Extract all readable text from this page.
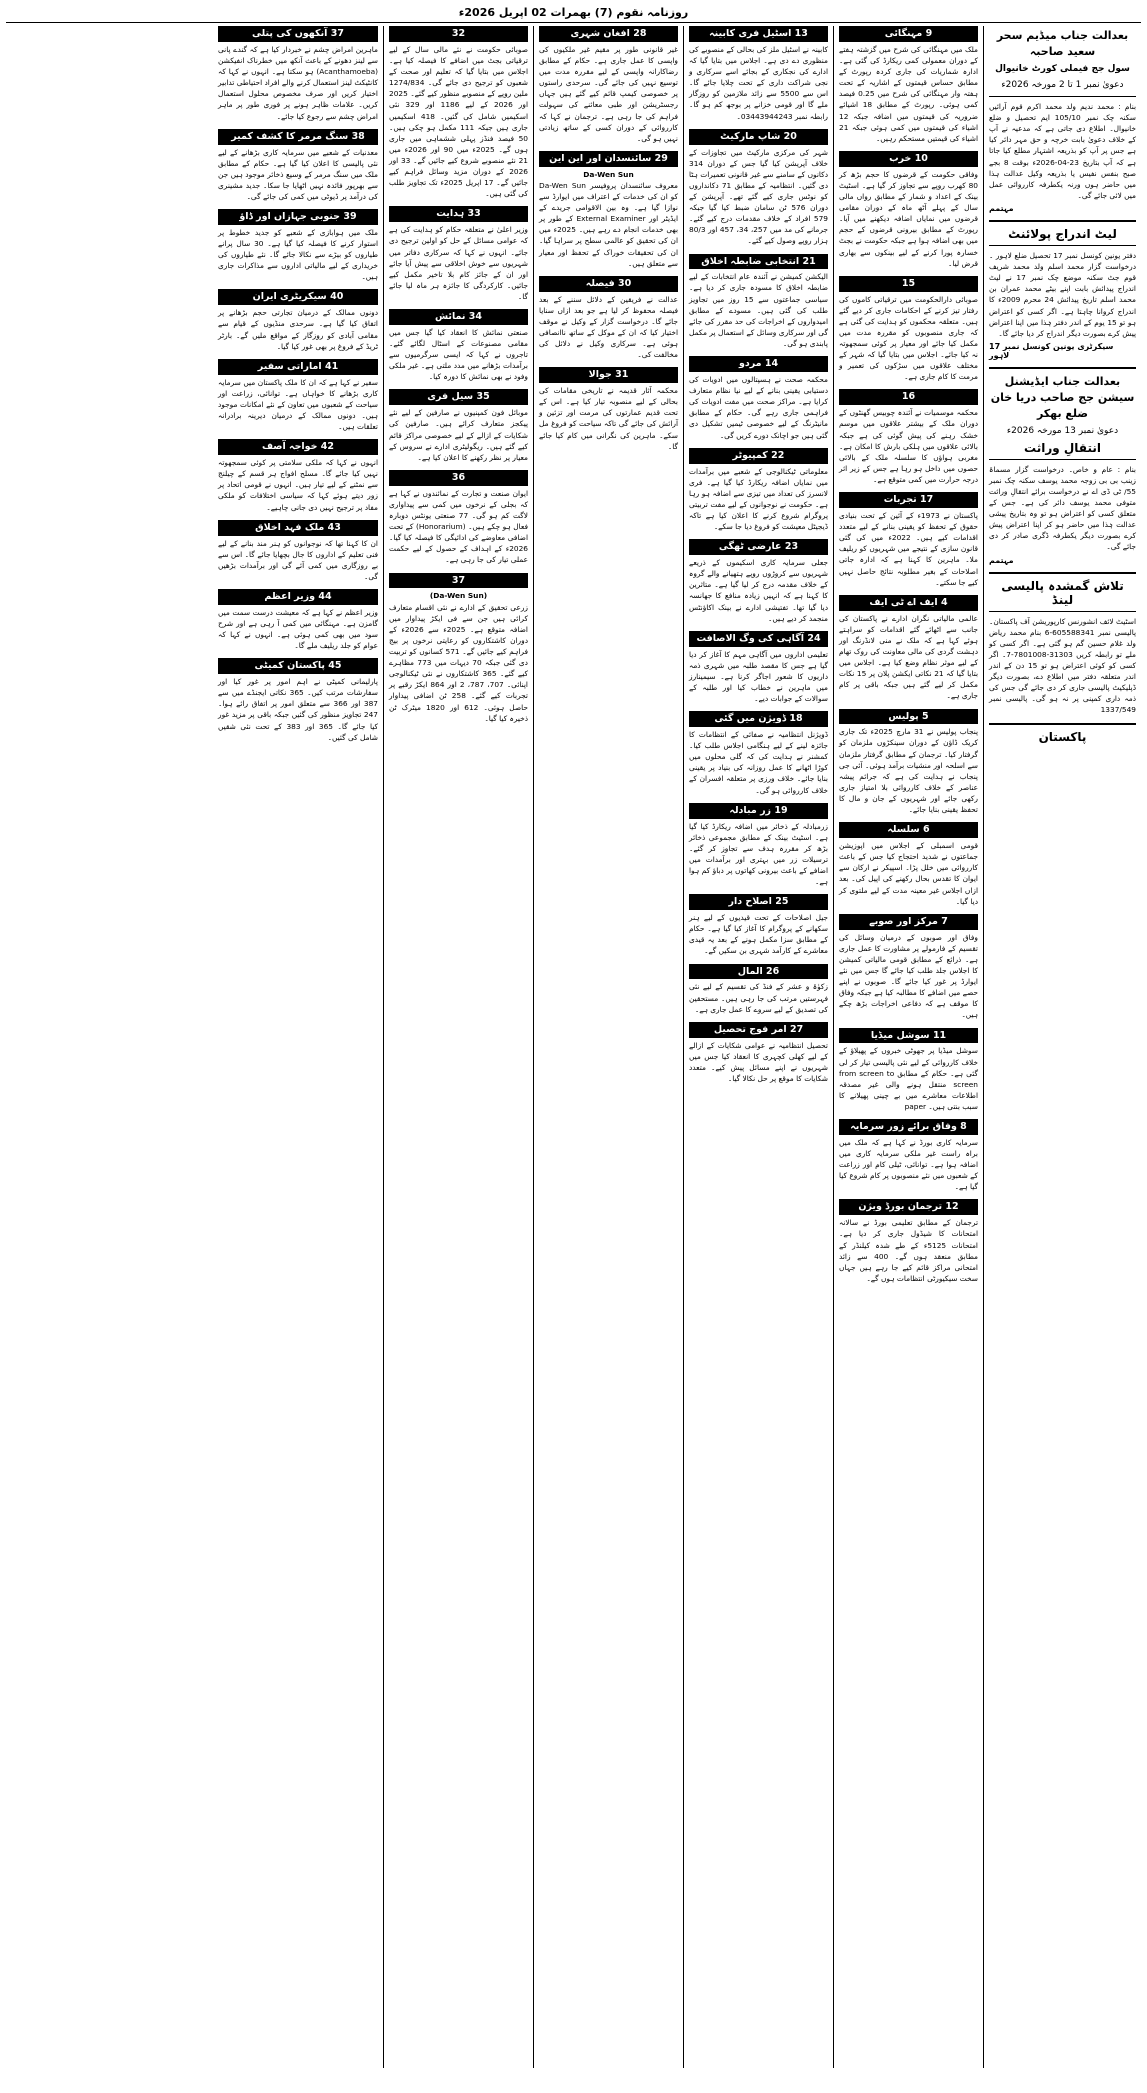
روزنامہ نقوم (7) بھمرات 02 اپریل 2026ء
بعدالت جناب میڈیم سحر سعید صاحبہ
سول جج فیملی کورٹ خانیوال
دعویٰ نمبر 1 تا 2 مورخہ 2026ء
بنام : محمد ندیم ولد محمد اکرم قوم آرائیں سکنہ چک نمبر 105/10 ایم تحصیل و ضلع خانیوال۔ اطلاع دی جاتی ہے کہ مدعیہ نے آپ کے خلاف دعویٰ بابت خرچہ و حق مہر دائر کیا ہے جس پر آپ کو بذریعہ اشتہار مطلع کیا جاتا ہے کہ آپ بتاریخ 23-04-2026ء بوقت 8 بجے صبح بنفس نفیس یا بذریعہ وکیل عدالت ہذا میں حاضر ہوں ورنہ یکطرفہ کارروائی عمل میں لائی جائے گی۔
مہتمم
لیٹ اندراج پولائنٹ
دفتر یونین کونسل نمبر 17 تحصیل ضلع لاہور ۔ درخواست گزار محمد اسلم ولد محمد شریف قوم جٹ سکنہ موضع چک نمبر 17 نے لیٹ اندراج پیدائش بابت اپنے بیٹے محمد عمران بن محمد اسلم تاریخ پیدائش 24 محرم 2009ء کا اندراج کروانا چاہتا ہے۔ اگر کسی کو اعتراض ہو تو 15 یوم کے اندر دفتر ہٰذا میں اپنا اعتراض پیش کرے بصورت دیگر اندراج کر دیا جائے گا۔
سیکرٹری یونین کونسل نمبر 17 لاہور
بعدالت جناب ایڈیشنل سیشن جج صاحب دریا خان ضلع بھکر
دعویٰ نمبر 13 مورخہ 2026ء
انتقالِ وراثت
بنام : عام و خاص۔ درخواست گزار مسماۃ زینب بی بی زوجہ محمد یوسف سکنہ چک نمبر 55/ ٹی ڈی اے نے درخواست برائے انتقالِ وراثت متوفی محمد یوسف دائر کی ہے۔ جس کے متعلق کسی کو اعتراض ہو تو وہ بتاریخ پیشی عدالت ہٰذا میں حاضر ہو کر اپنا اعتراض پیش کرے بصورت دیگر یکطرفہ ڈگری صادر کر دی جائے گی۔
مہتمم
تلاش گمشدہ پالیسی لینڈ
اسٹیٹ لائف انشورنس کارپوریشن آف پاکستان۔ پالیسی نمبر 605588341-6 بنام محمد ریاض ولد غلام حسین گم ہو گئی ہے۔ اگر کسی کو ملے تو رابطہ کریں 31303-7801008-7۔ اگر کسی کو کوئی اعتراض ہو تو 15 دن کے اندر اندر متعلقہ دفتر میں اطلاع دے، بصورت دیگر ڈپلیکیٹ پالیسی جاری کر دی جائے گی جس کی ذمہ داری کمپنی پر نہ ہو گی۔ پالیسی نمبر 1337/549
پاکستان
9 مہنگائی
ملک میں مہنگائی کی شرح میں گزشتہ ہفتے کے دوران معمولی کمی ریکارڈ کی گئی ہے۔ ادارہ شماریات کی جاری کردہ رپورٹ کے مطابق حساس قیمتوں کے اشاریہ کے تحت ہفتہ وار مہنگائی کی شرح میں 0.25 فیصد کمی ہوئی۔ رپورٹ کے مطابق 18 اشیائے ضروریہ کی قیمتوں میں اضافہ جبکہ 12 اشیاء کی قیمتوں میں کمی ہوئی جبکہ 21 اشیاء کی قیمتیں مستحکم رہیں۔
10 خرب
وفاقی حکومت کے قرضوں کا حجم بڑھ کر 80 کھرب روپے سے تجاوز کر گیا ہے۔ اسٹیٹ بینک کے اعداد و شمار کے مطابق رواں مالی سال کے پہلے آٹھ ماہ کے دوران مقامی قرضوں میں نمایاں اضافہ دیکھنے میں آیا۔ رپورٹ کے مطابق بیرونی قرضوں کے حجم میں بھی اضافہ ہوا ہے جبکہ حکومت نے بجٹ خسارہ پورا کرنے کے لیے بینکوں سے بھاری قرض لیا۔
15
صوبائی دارالحکومت میں ترقیاتی کاموں کی رفتار تیز کرنے کے احکامات جاری کر دیے گئے ہیں۔ متعلقہ محکموں کو ہدایت کی گئی ہے کہ جاری منصوبوں کو مقررہ مدت میں مکمل کیا جائے اور معیار پر کوئی سمجھوتہ نہ کیا جائے۔ اجلاس میں بتایا گیا کہ شہر کے مختلف علاقوں میں سڑکوں کی تعمیر و مرمت کا کام جاری ہے۔
16
محکمہ موسمیات نے آئندہ چوبیس گھنٹوں کے دوران ملک کے بیشتر علاقوں میں موسم خشک رہنے کی پیش گوئی کی ہے جبکہ بالائی علاقوں میں ہلکی بارش کا امکان ہے۔ مغربی ہواؤں کا سلسلہ ملک کے بالائی حصوں میں داخل ہو رہا ہے جس کے زیر اثر درجہ حرارت میں کمی متوقع ہے۔
17 تجربات
پاکستان نے 1973ء کے آئین کے تحت بنیادی حقوق کے تحفظ کو یقینی بنانے کے لیے متعدد اقدامات کیے ہیں۔ 2022ء میں کی گئی قانون سازی کے نتیجے میں شہریوں کو ریلیف ملا۔ ماہرین کا کہنا ہے کہ ادارہ جاتی اصلاحات کے بغیر مطلوبہ نتائج حاصل نہیں کیے جا سکتے۔
4 ایف اے ٹی ایف
عالمی مالیاتی نگران ادارے نے پاکستان کی جانب سے اٹھائے گئے اقدامات کو سراہتے ہوئے کہا ہے کہ ملک نے منی لانڈرنگ اور دہشت گردی کی مالی معاونت کی روک تھام کے لیے موثر نظام وضع کیا ہے۔ اجلاس میں بتایا گیا کہ 21 نکاتی ایکشن پلان پر 15 نکات مکمل کر لیے گئے ہیں جبکہ باقی پر کام جاری ہے۔
5 پولیس
پنجاب پولیس نے 31 مارچ 2025ء تک جاری کریک ڈاؤن کے دوران سینکڑوں ملزمان کو گرفتار کیا۔ ترجمان کے مطابق گرفتار ملزمان سے اسلحہ اور منشیات برآمد ہوئی۔ آئی جی پنجاب نے ہدایت کی ہے کہ جرائم پیشہ عناصر کے خلاف کارروائی بلا امتیاز جاری رکھی جائے اور شہریوں کے جان و مال کا تحفظ یقینی بنایا جائے۔
6 سلسلہ
قومی اسمبلی کے اجلاس میں اپوزیشن جماعتوں نے شدید احتجاج کیا جس کے باعث کارروائی میں خلل پڑا۔ اسپیکر نے ارکان سے ایوان کا تقدس بحال رکھنے کی اپیل کی۔ بعد ازاں اجلاس غیر معینہ مدت کے لیے ملتوی کر دیا گیا۔
7 مرکز اور صوبے
وفاق اور صوبوں کے درمیان وسائل کی تقسیم کے فارمولے پر مشاورت کا عمل جاری ہے۔ ذرائع کے مطابق قومی مالیاتی کمیشن کا اجلاس جلد طلب کیا جائے گا جس میں نئے ایوارڈ پر غور کیا جائے گا۔ صوبوں نے اپنے حصے میں اضافے کا مطالبہ کیا ہے جبکہ وفاق کا موقف ہے کہ دفاعی اخراجات بڑھ چکے ہیں۔
11 سوشل میڈیا
سوشل میڈیا پر جھوٹی خبروں کے پھیلاؤ کے خلاف کارروائی کے لیے نئی پالیسی تیار کر لی گئی ہے۔ حکام کے مطابق from screen to screen منتقل ہونے والی غیر مصدقہ اطلاعات معاشرے میں بے چینی پھیلانے کا سبب بنتی ہیں۔ paper
8 وفاق برائے زور سرمایہ
سرمایہ کاری بورڈ نے کہا ہے کہ ملک میں براہ راست غیر ملکی سرمایہ کاری میں اضافہ ہوا ہے۔ توانائی، ٹیلی کام اور زراعت کے شعبوں میں نئے منصوبوں پر کام شروع کیا گیا ہے۔
12 ترجمان بورڈ ویژن
ترجمان کے مطابق تعلیمی بورڈ نے سالانہ امتحانات کا شیڈول جاری کر دیا ہے۔ امتحانات 5125ء کے طے شدہ کیلنڈر کے مطابق منعقد ہوں گے۔ 400 سے زائد امتحانی مراکز قائم کیے جا رہے ہیں جہاں سخت سیکیورٹی انتظامات ہوں گے۔
13 اسٹیل فری کابینہ
کابینہ نے اسٹیل ملز کی بحالی کے منصوبے کی منظوری دے دی ہے۔ اجلاس میں بتایا گیا کہ ادارے کی نجکاری کے بجائے اسے سرکاری و نجی شراکت داری کے تحت چلایا جائے گا۔ اس سے 5500 سے زائد ملازمین کو روزگار ملے گا اور قومی خزانے پر بوجھ کم ہو گا۔ رابطہ نمبر 03443944243۔
20 شاپ مارکیٹ
شہر کی مرکزی مارکیٹ میں تجاوزات کے خلاف آپریشن کیا گیا جس کے دوران 314 دکانوں کے سامنے سے غیر قانونی تعمیرات ہٹا دی گئیں۔ انتظامیہ کے مطابق 71 دکانداروں کو نوٹس جاری کیے گئے تھے۔ آپریشن کے دوران 576 ٹن سامان ضبط کیا گیا جبکہ 579 افراد کے خلاف مقدمات درج کیے گئے۔ جرمانے کی مد میں 257، 34، 457 اور 80/3 ہزار روپے وصول کیے گئے۔
21 انتخابی ضابطہ اخلاق
الیکشن کمیشن نے آئندہ عام انتخابات کے لیے ضابطہ اخلاق کا مسودہ جاری کر دیا ہے۔ سیاسی جماعتوں سے 15 روز میں تجاویز طلب کی گئی ہیں۔ مسودے کے مطابق امیدواروں کے اخراجات کی حد مقرر کی جائے گی اور سرکاری وسائل کے استعمال پر مکمل پابندی ہو گی۔
14 مردو
محکمہ صحت نے ہسپتالوں میں ادویات کی دستیابی یقینی بنانے کے لیے نیا نظام متعارف کرایا ہے۔ مراکز صحت میں مفت ادویات کی فراہمی جاری رہے گی۔ حکام کے مطابق مانیٹرنگ کے لیے خصوصی ٹیمیں تشکیل دی گئی ہیں جو اچانک دورے کریں گی۔
22 کمپیوٹر
معلوماتی ٹیکنالوجی کے شعبے میں برآمدات میں نمایاں اضافہ ریکارڈ کیا گیا ہے۔ فری لانسرز کی تعداد میں تیزی سے اضافہ ہو رہا ہے۔ حکومت نے نوجوانوں کے لیے مفت تربیتی پروگرام شروع کرنے کا اعلان کیا ہے تاکہ ڈیجیٹل معیشت کو فروغ دیا جا سکے۔
23 عارضی ٹھگی
جعلی سرمایہ کاری اسکیموں کے ذریعے شہریوں سے کروڑوں روپے ہتھیانے والے گروہ کے خلاف مقدمہ درج کر لیا گیا ہے۔ متاثرین کا کہنا ہے کہ انہیں زیادہ منافع کا جھانسہ دیا گیا تھا۔ تفتیشی ادارے نے بینک اکاؤنٹس منجمد کر دیے ہیں۔
24 آگاہی کی وگ الاصافت
تعلیمی اداروں میں آگاہی مہم کا آغاز کر دیا گیا ہے جس کا مقصد طلبہ میں شہری ذمہ داریوں کا شعور اجاگر کرنا ہے۔ سیمینارز میں ماہرین نے خطاب کیا اور طلبہ کے سوالات کے جوابات دیے۔
18 ڈویژن میں گئی
ڈویژنل انتظامیہ نے صفائی کے انتظامات کا جائزہ لینے کے لیے ہنگامی اجلاس طلب کیا۔ کمشنر نے ہدایت کی کہ گلی محلوں میں کوڑا اٹھانے کا عمل روزانہ کی بنیاد پر یقینی بنایا جائے۔ خلاف ورزی پر متعلقہ افسران کے خلاف کارروائی ہو گی۔
19 زر مبادلہ
زرمبادلہ کے ذخائر میں اضافہ ریکارڈ کیا گیا ہے۔ اسٹیٹ بینک کے مطابق مجموعی ذخائر بڑھ کر مقررہ ہدف سے تجاوز کر گئے۔ ترسیلات زر میں بہتری اور برآمدات میں اضافے کے باعث بیرونی کھاتوں پر دباؤ کم ہوا ہے۔
25 اصلاح دار
جیل اصلاحات کے تحت قیدیوں کے لیے ہنر سکھانے کے پروگرام کا آغاز کیا گیا ہے۔ حکام کے مطابق سزا مکمل ہونے کے بعد یہ قیدی معاشرے کے کارآمد شہری بن سکیں گے۔
26 المال
زکوٰۃ و عشر کے فنڈ کی تقسیم کے لیے نئی فہرستیں مرتب کی جا رہی ہیں۔ مستحقین کی تصدیق کے لیے سروے کا عمل جاری ہے۔
27 امر فوج تحصیل
تحصیل انتظامیہ نے عوامی شکایات کے ازالے کے لیے کھلی کچہری کا انعقاد کیا جس میں شہریوں نے اپنے مسائل پیش کیے۔ متعدد شکایات کا موقع پر حل نکالا گیا۔
28 افغان شہری
غیر قانونی طور پر مقیم غیر ملکیوں کی واپسی کا عمل جاری ہے۔ حکام کے مطابق رضاکارانہ واپسی کے لیے مقررہ مدت میں توسیع نہیں کی جائے گی۔ سرحدی راستوں پر خصوصی کیمپ قائم کیے گئے ہیں جہاں رجسٹریشن اور طبی معائنے کی سہولت فراہم کی جا رہی ہے۔ ترجمان نے کہا کہ کارروائی کے دوران کسی کے ساتھ زیادتی نہیں ہو گی۔
29 سائنسدان اور این این
Da-Wen Sun
معروف سائنسدان پروفیسر Da-Wen Sun کو ان کی خدمات کے اعتراف میں ایوارڈ سے نوازا گیا ہے۔ وہ بین الاقوامی جریدے کے ایڈیٹر اور External Examiner کے طور پر بھی خدمات انجام دے رہے ہیں۔ 2025ء میں ان کی تحقیق کو عالمی سطح پر سراہا گیا۔ ان کی تحقیقات خوراک کے تحفظ اور معیار سے متعلق ہیں۔
30 فیصلہ
عدالت نے فریقین کے دلائل سننے کے بعد فیصلہ محفوظ کر لیا ہے جو بعد ازاں سنایا جائے گا۔ درخواست گزار کے وکیل نے موقف اختیار کیا کہ ان کے موکل کے ساتھ ناانصافی ہوئی ہے۔ سرکاری وکیل نے دلائل کی مخالفت کی۔
31 جوالا
محکمہ آثار قدیمہ نے تاریخی مقامات کی بحالی کے لیے منصوبہ تیار کیا ہے۔ اس کے تحت قدیم عمارتوں کی مرمت اور تزئین و آرائش کی جائے گی تاکہ سیاحت کو فروغ مل سکے۔ ماہرین کی نگرانی میں کام کیا جائے گا۔
32
صوبائی حکومت نے نئے مالی سال کے لیے ترقیاتی بجٹ میں اضافے کا فیصلہ کیا ہے۔ اجلاس میں بتایا گیا کہ تعلیم اور صحت کے شعبوں کو ترجیح دی جائے گی۔ 1274/834 ملین روپے کے منصوبے منظور کیے گئے۔ 2025 اور 2026 کے لیے 1186 اور 329 نئی اسکیمیں شامل کی گئیں۔ 418 اسکیمیں جاری ہیں جبکہ 111 مکمل ہو چکی ہیں۔ 50 فیصد فنڈز پہلی ششماہی میں جاری ہوں گے۔ 2025ء میں 90 اور 2026ء میں 21 نئے منصوبے شروع کیے جائیں گے۔ 33 اور 2026 کے دوران مزید وسائل فراہم کیے جائیں گے۔ 17 اپریل 2025ء تک تجاویز طلب کی گئی ہیں۔
33 ہدایت
وزیر اعلیٰ نے متعلقہ حکام کو ہدایت کی ہے کہ عوامی مسائل کے حل کو اولین ترجیح دی جائے۔ انہوں نے کہا کہ سرکاری دفاتر میں شہریوں سے خوش اخلاقی سے پیش آیا جائے اور ان کے جائز کام بلا تاخیر مکمل کیے جائیں۔ کارکردگی کا جائزہ ہر ماہ لیا جائے گا۔
34 نمائش
صنعتی نمائش کا انعقاد کیا گیا جس میں مقامی مصنوعات کے اسٹال لگائے گئے۔ تاجروں نے کہا کہ ایسی سرگرمیوں سے برآمدات بڑھانے میں مدد ملتی ہے۔ غیر ملکی وفود نے بھی نمائش کا دورہ کیا۔
35 سیل فری
موبائل فون کمپنیوں نے صارفین کے لیے نئے پیکجز متعارف کرائے ہیں۔ صارفین کی شکایات کے ازالے کے لیے خصوصی مراکز قائم کیے گئے ہیں۔ ریگولیٹری ادارے نے سروس کے معیار پر نظر رکھنے کا اعلان کیا ہے۔
36
ایوان صنعت و تجارت کے نمائندوں نے کہا ہے کہ بجلی کے نرخوں میں کمی سے پیداواری لاگت کم ہو گی۔ 77 صنعتی یونٹس دوبارہ فعال ہو چکے ہیں۔ (Honorarium) کے تحت اضافی معاوضے کی ادائیگی کا فیصلہ کیا گیا۔ 2026ء کے اہداف کے حصول کے لیے حکمت عملی تیار کی جا رہی ہے۔
37
(Da-Wen Sun)
زرعی تحقیق کے ادارے نے نئی اقسام متعارف کرائی ہیں جن سے فی ایکڑ پیداوار میں اضافہ متوقع ہے۔ 2025ء سے 2026ء کے دوران کاشتکاروں کو رعایتی نرخوں پر بیج فراہم کیے جائیں گے۔ 571 کسانوں کو تربیت دی گئی جبکہ 70 دیہات میں 773 مظاہرے کیے گئے۔ 365 کاشتکاروں نے نئی ٹیکنالوجی اپنائی۔ 707، 787، 2 اور 864 ایکڑ رقبے پر تجربات کیے گئے۔ 258 ٹن اضافی پیداوار حاصل ہوئی۔ 612 اور 1820 میٹرک ٹن ذخیرہ کیا گیا۔
37 آنکھوں کی پتلی
ماہرین امراض چشم نے خبردار کیا ہے کہ گندے پانی سے لینز دھونے کے باعث آنکھ میں خطرناک انفیکشن (Acanthamoeba) ہو سکتا ہے۔ انہوں نے کہا کہ کانٹیکٹ لینز استعمال کرنے والے افراد احتیاطی تدابیر اختیار کریں اور صرف مخصوص محلول استعمال کریں۔ علامات ظاہر ہونے پر فوری طور پر ماہر امراض چشم سے رجوع کیا جائے۔
38 سنگ مرمر کا کشف کمیر
معدنیات کے شعبے میں سرمایہ کاری بڑھانے کے لیے نئی پالیسی کا اعلان کیا گیا ہے۔ حکام کے مطابق ملک میں سنگ مرمر کے وسیع ذخائر موجود ہیں جن سے بھرپور فائدہ نہیں اٹھایا جا سکا۔ جدید مشینری کی درآمد پر ڈیوٹی میں کمی کی جائے گی۔
39 جنوبی جہازاں اور ڈاؤ
ملک میں ہوابازی کے شعبے کو جدید خطوط پر استوار کرنے کا فیصلہ کیا گیا ہے۔ 30 سال پرانے طیاروں کو بیڑے سے نکالا جائے گا۔ نئے طیاروں کی خریداری کے لیے مالیاتی اداروں سے مذاکرات جاری ہیں۔
40 سیکریٹری ایران
دونوں ممالک کے درمیان تجارتی حجم بڑھانے پر اتفاق کیا گیا ہے۔ سرحدی منڈیوں کے قیام سے مقامی آبادی کو روزگار کے مواقع ملیں گے۔ بارٹر ٹریڈ کے فروغ پر بھی غور کیا گیا۔
41 اماراتی سفیر
سفیر نے کہا ہے کہ ان کا ملک پاکستان میں سرمایہ کاری بڑھانے کا خواہاں ہے۔ توانائی، زراعت اور سیاحت کے شعبوں میں تعاون کے نئے امکانات موجود ہیں۔ دونوں ممالک کے درمیان دیرینہ برادرانہ تعلقات ہیں۔
42 خواجہ آصف
انہوں نے کہا کہ ملکی سلامتی پر کوئی سمجھوتہ نہیں کیا جائے گا۔ مسلح افواج ہر قسم کے چیلنج سے نمٹنے کے لیے تیار ہیں۔ انہوں نے قومی اتحاد پر زور دیتے ہوئے کہا کہ سیاسی اختلافات کو ملکی مفاد پر ترجیح نہیں دی جانی چاہیے۔
43 ملک فہد اخلاق
ان کا کہنا تھا کہ نوجوانوں کو ہنر مند بنانے کے لیے فنی تعلیم کے اداروں کا جال بچھایا جائے گا۔ اس سے بے روزگاری میں کمی آئے گی اور برآمدات بڑھیں گی۔
44 وزیر اعظم
وزیر اعظم نے کہا ہے کہ معیشت درست سمت میں گامزن ہے۔ مہنگائی میں کمی آ رہی ہے اور شرح سود میں بھی کمی ہوئی ہے۔ انہوں نے کہا کہ عوام کو جلد ریلیف ملے گا۔
45 پاکستان کمیٹی
پارلیمانی کمیٹی نے اہم امور پر غور کیا اور سفارشات مرتب کیں۔ 365 نکاتی ایجنڈے میں سے 387 اور 366 سے متعلق امور پر اتفاق رائے ہوا۔ 247 تجاویز منظور کی گئیں جبکہ باقی پر مزید غور کیا جائے گا۔ 365 اور 383 کے تحت نئی شقیں شامل کی گئیں۔
